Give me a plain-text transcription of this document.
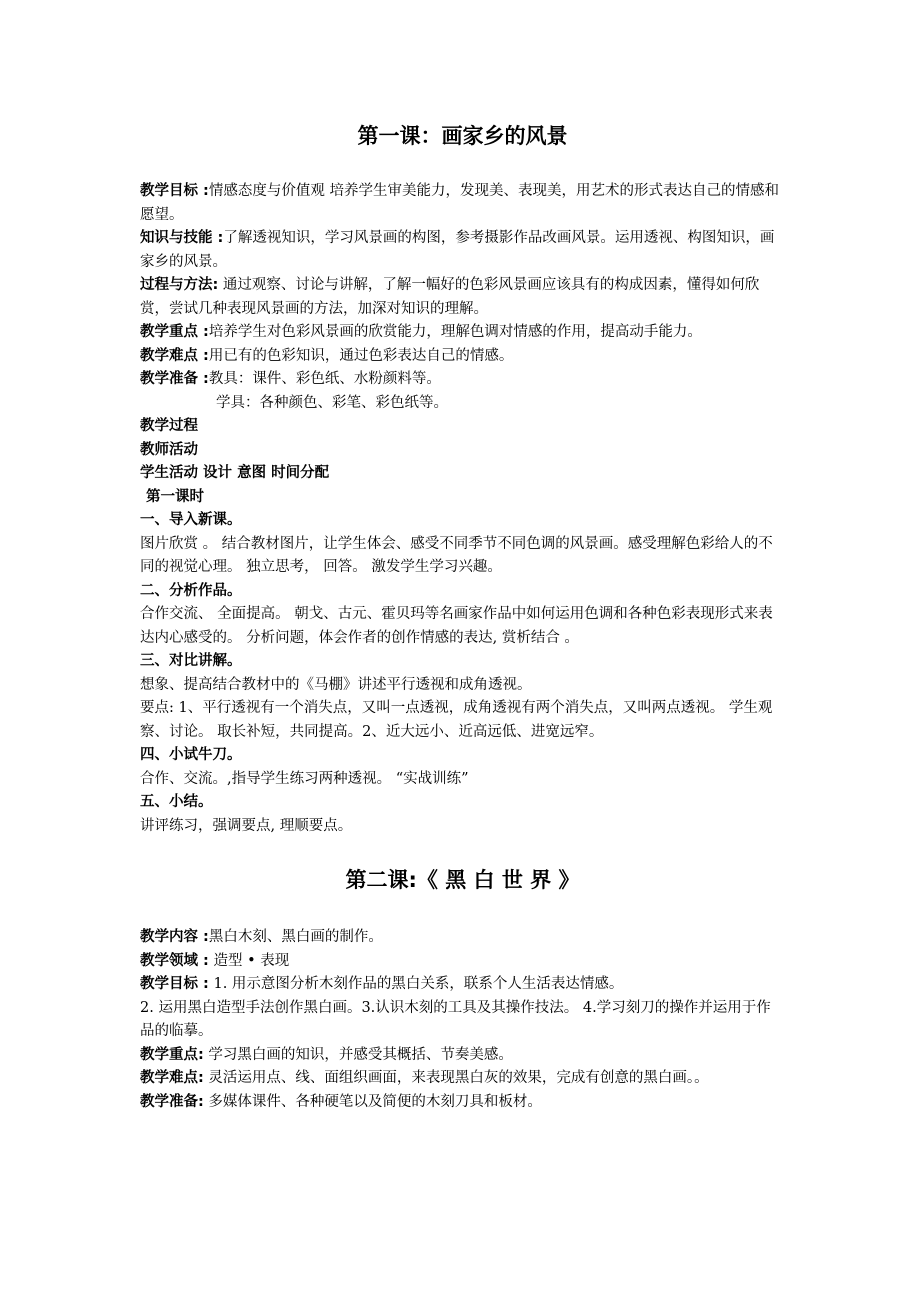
第一课：画家乡的风景

教学目标 :情感态度与价值观 培养学生审美能力，发现美、表现美，用艺术的形式表达自己的情感和愿望。

知识与技能 :了解透视知识，学习风景画的构图，参考摄影作品改画风景。运用透视、构图知识，画家乡的风景。

过程与方法: 通过观察、讨论与讲解，了解一幅好的色彩风景画应该具有的构成因素，懂得如何欣赏，尝试几种表现风景画的方法，加深对知识的理解。

教学重点 :培养学生对色彩风景画的欣赏能力，理解色调对情感的作用，提高动手能力。

教学难点 :用已有的色彩知识，通过色彩表达自己的情感。

教学准备 :教具：课件、彩色纸、水粉颜料等。

学具：各种颜色、彩笔、彩色纸等。

教学过程

教师活动

学生活动 设计 意图 时间分配

第一课时

一、导入新课。

图片欣赏 。 结合教材图片，让学生体会、感受不同季节不同色调的风景画。感受理解色彩给人的不同的视觉心理。 独立思考， 回答。 激发学生学习兴趣。

二、分析作品。

合作交流、 全面提高。 朝戈、古元、霍贝玛等名画家作品中如何运用色调和各种色彩表现形式来表达内心感受的。 分析问题，体会作者的创作情感的表达, 赏析结合 。

三、对比讲解。

想象、提高结合教材中的《马棚》讲述平行透视和成角透视。

要点: 1、平行透视有一个消失点，又叫一点透视，成角透视有两个消失点，又叫两点透视。 学生观察、讨论。 取长补短，共同提高。2、近大远小、近高远低、进宽远窄。

四、小试牛刀。

合作、交流。,指导学生练习两种透视。 “实战训练”

五、小结。

讲评练习，强调要点, 理顺要点。

第二课:《 黑 白 世 界 》

教学内容 :黑白木刻、黑白画的制作。

教学领域 : 造型 • 表现

教学目标 : 1. 用示意图分析木刻作品的黑白关系，联系个人生活表达情感。

2. 运用黑白造型手法创作黑白画。3.认识木刻的工具及其操作技法。 4.学习刻刀的操作并运用于作品的临摹。

教学重点: 学习黑白画的知识，并感受其概括、节奏美感。

教学难点: 灵活运用点、线、面组织画面，来表现黑白灰的效果，完成有创意的黑白画。。

教学准备: 多媒体课件、各种硬笔以及简便的木刻刀具和板材。
